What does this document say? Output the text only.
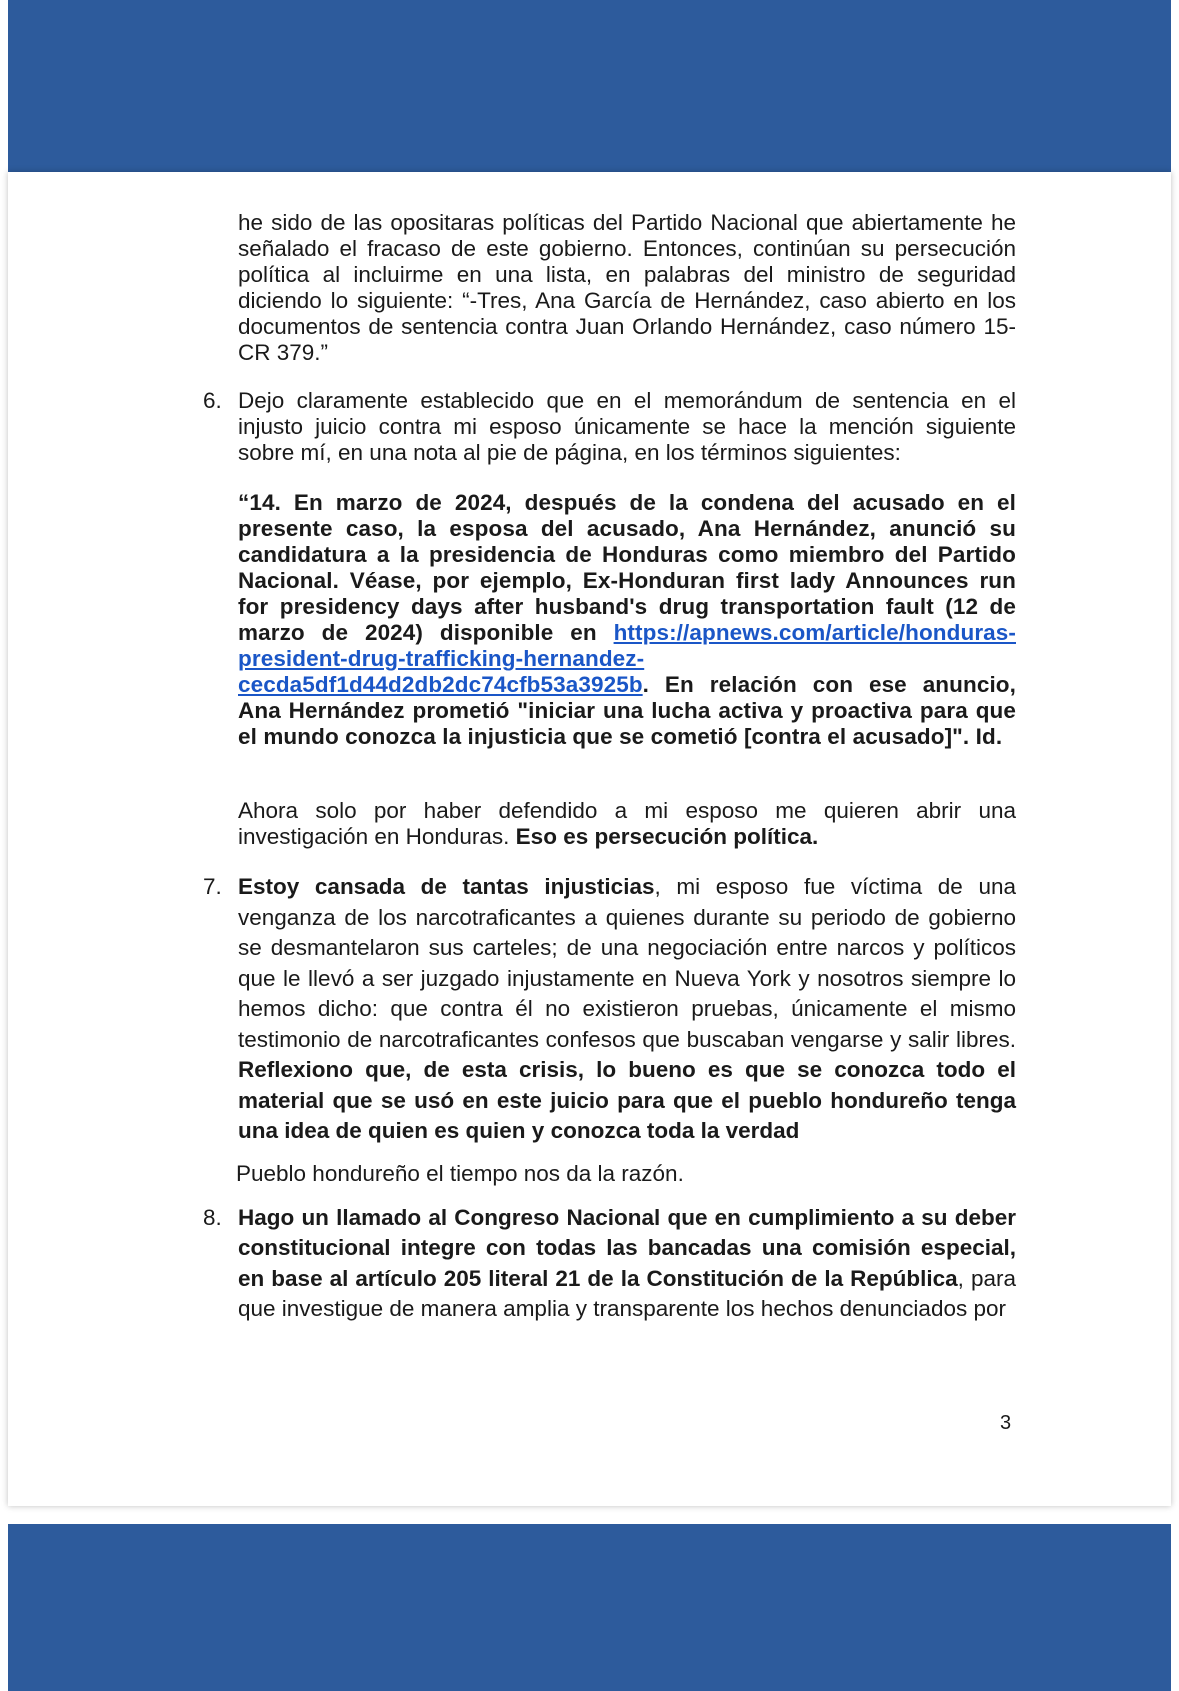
he sido de las opositaras políticas del Partido Nacional que abiertamente he señalado el fracaso de este gobierno. Entonces, continúan su persecución política al incluirme en una lista, en palabras del ministro de seguridad diciendo lo siguiente: “-Tres, Ana García de Hernández, caso abierto en los documentos de sentencia contra Juan Orlando Hernández, caso número 15-CR 379.”

6. Dejo claramente establecido que en el memorándum de sentencia en el injusto juicio contra mi esposo únicamente se hace la mención siguiente sobre mí, en una nota al pie de página, en los términos siguientes:

“14. En marzo de 2024, después de la condena del acusado en el presente caso, la esposa del acusado, Ana Hernández, anunció su candidatura a la presidencia de Honduras como miembro del Partido Nacional. Véase, por ejemplo, Ex-Honduran first lady Announces run for presidency days after husband's drug transportation fault (12 de marzo de 2024) disponible en https://apnews.com/article/honduras-president-drug-trafficking-hernandez-cecda5df1d44d2db2dc74cfb53a3925b. En relación con ese anuncio, Ana Hernández prometió "iniciar una lucha activa y proactiva para que el mundo conozca la injusticia que se cometió [contra el acusado]". Id.

Ahora solo por haber defendido a mi esposo me quieren abrir una investigación en Honduras. Eso es persecución política.

7. Estoy cansada de tantas injusticias, mi esposo fue víctima de una venganza de los narcotraficantes a quienes durante su periodo de gobierno se desmantelaron sus carteles; de una negociación entre narcos y políticos que le llevó a ser juzgado injustamente en Nueva York y nosotros siempre lo hemos dicho: que contra él no existieron pruebas, únicamente el mismo testimonio de narcotraficantes confesos que buscaban vengarse y salir libres. Reflexiono que, de esta crisis, lo bueno es que se conozca todo el material que se usó en este juicio para que el pueblo hondureño tenga una idea de quien es quien y conozca toda la verdad

Pueblo hondureño el tiempo nos da la razón.

8. Hago un llamado al Congreso Nacional que en cumplimiento a su deber constitucional integre con todas las bancadas una comisión especial, en base al artículo 205 literal 21 de la Constitución de la República, para que investigue de manera amplia y transparente los hechos denunciados por

3
